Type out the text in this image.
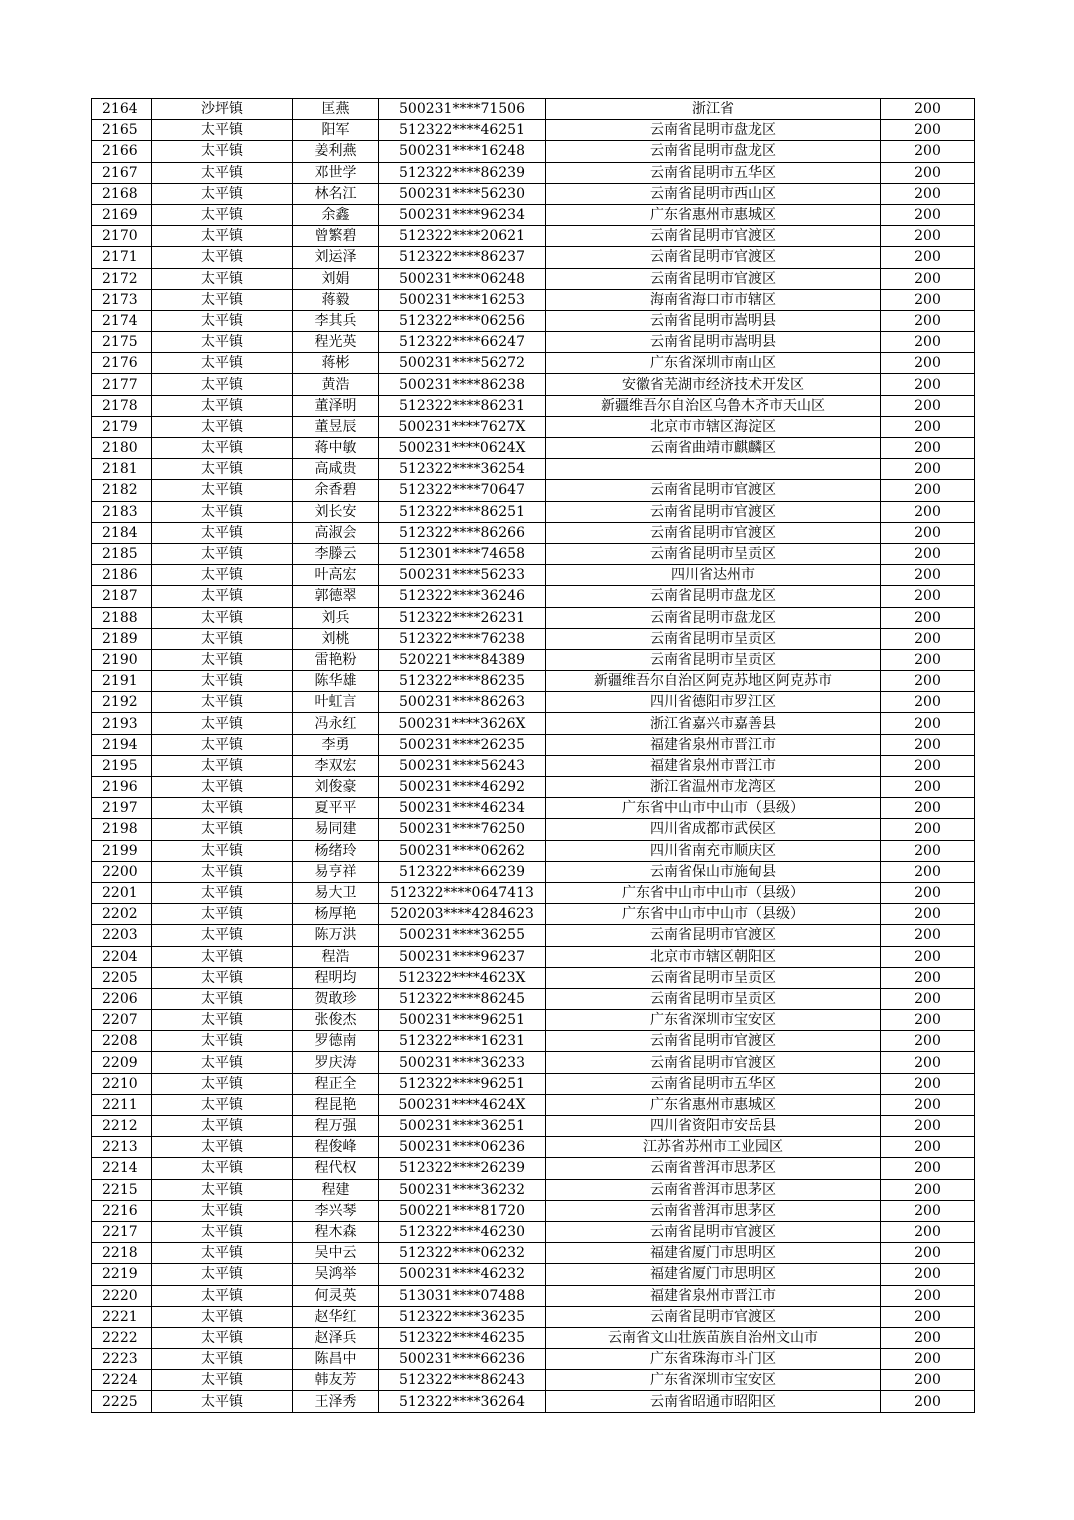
2164	沙坪镇	匡燕	500231****71506	浙江省	200
2165	太平镇	阳军	512322****46251	云南省昆明市盘龙区	200
2166	太平镇	姜利燕	500231****16248	云南省昆明市盘龙区	200
2167	太平镇	邓世学	512322****86239	云南省昆明市五华区	200
2168	太平镇	林名江	500231****56230	云南省昆明市西山区	200
2169	太平镇	余鑫	500231****96234	广东省惠州市惠城区	200
2170	太平镇	曾繁碧	512322****20621	云南省昆明市官渡区	200
2171	太平镇	刘运泽	512322****86237	云南省昆明市官渡区	200
2172	太平镇	刘娟	500231****06248	云南省昆明市官渡区	200
2173	太平镇	蒋毅	500231****16253	海南省海口市市辖区	200
2174	太平镇	李其兵	512322****06256	云南省昆明市嵩明县	200
2175	太平镇	程光英	512322****66247	云南省昆明市嵩明县	200
2176	太平镇	蒋彬	500231****56272	广东省深圳市南山区	200
2177	太平镇	黄浩	500231****86238	安徽省芜湖市经济技术开发区	200
2178	太平镇	董泽明	512322****86231	新疆维吾尔自治区乌鲁木齐市天山区	200
2179	太平镇	董昱辰	500231****7627X	北京市市辖区海淀区	200
2180	太平镇	蒋中敏	500231****0624X	云南省曲靖市麒麟区	200
2181	太平镇	高咸贵	512322****36254		200
2182	太平镇	余香碧	512322****70647	云南省昆明市官渡区	200
2183	太平镇	刘长安	512322****86251	云南省昆明市官渡区	200
2184	太平镇	高淑会	512322****86266	云南省昆明市官渡区	200
2185	太平镇	李滕云	512301****74658	云南省昆明市呈贡区	200
2186	太平镇	叶高宏	500231****56233	四川省达州市	200
2187	太平镇	郭德翠	512322****36246	云南省昆明市盘龙区	200
2188	太平镇	刘兵	512322****26231	云南省昆明市盘龙区	200
2189	太平镇	刘桃	512322****76238	云南省昆明市呈贡区	200
2190	太平镇	雷艳粉	520221****84389	云南省昆明市呈贡区	200
2191	太平镇	陈华雄	512322****86235	新疆维吾尔自治区阿克苏地区阿克苏市	200
2192	太平镇	叶虹言	500231****86263	四川省德阳市罗江区	200
2193	太平镇	冯永红	500231****3626X	浙江省嘉兴市嘉善县	200
2194	太平镇	李勇	500231****26235	福建省泉州市晋江市	200
2195	太平镇	李双宏	500231****56243	福建省泉州市晋江市	200
2196	太平镇	刘俊豪	500231****46292	浙江省温州市龙湾区	200
2197	太平镇	夏平平	500231****46234	广东省中山市中山市（县级）	200
2198	太平镇	易同建	500231****76250	四川省成都市武侯区	200
2199	太平镇	杨绪玲	500231****06262	四川省南充市顺庆区	200
2200	太平镇	易亨祥	512322****66239	云南省保山市施甸县	200
2201	太平镇	易大卫	512322****0647413	广东省中山市中山市（县级）	200
2202	太平镇	杨厚艳	520203****4284623	广东省中山市中山市（县级）	200
2203	太平镇	陈万洪	500231****36255	云南省昆明市官渡区	200
2204	太平镇	程浩	500231****96237	北京市市辖区朝阳区	200
2205	太平镇	程明均	512322****4623X	云南省昆明市呈贡区	200
2206	太平镇	贺敢珍	512322****86245	云南省昆明市呈贡区	200
2207	太平镇	张俊杰	500231****96251	广东省深圳市宝安区	200
2208	太平镇	罗德南	512322****16231	云南省昆明市官渡区	200
2209	太平镇	罗庆涛	500231****36233	云南省昆明市官渡区	200
2210	太平镇	程正全	512322****96251	云南省昆明市五华区	200
2211	太平镇	程昆艳	500231****4624X	广东省惠州市惠城区	200
2212	太平镇	程万强	500231****36251	四川省资阳市安岳县	200
2213	太平镇	程俊峰	500231****06236	江苏省苏州市工业园区	200
2214	太平镇	程代权	512322****26239	云南省普洱市思茅区	200
2215	太平镇	程建	500231****36232	云南省普洱市思茅区	200
2216	太平镇	李兴琴	500221****81720	云南省普洱市思茅区	200
2217	太平镇	程木森	512322****46230	云南省昆明市官渡区	200
2218	太平镇	吴中云	512322****06232	福建省厦门市思明区	200
2219	太平镇	吴鸿举	500231****46232	福建省厦门市思明区	200
2220	太平镇	何灵英	513031****07488	福建省泉州市晋江市	200
2221	太平镇	赵华红	512322****36235	云南省昆明市官渡区	200
2222	太平镇	赵泽兵	512322****46235	云南省文山壮族苗族自治州文山市	200
2223	太平镇	陈昌中	500231****66236	广东省珠海市斗门区	200
2224	太平镇	韩友芳	512322****86243	广东省深圳市宝安区	200
2225	太平镇	王泽秀	512322****36264	云南省昭通市昭阳区	200
